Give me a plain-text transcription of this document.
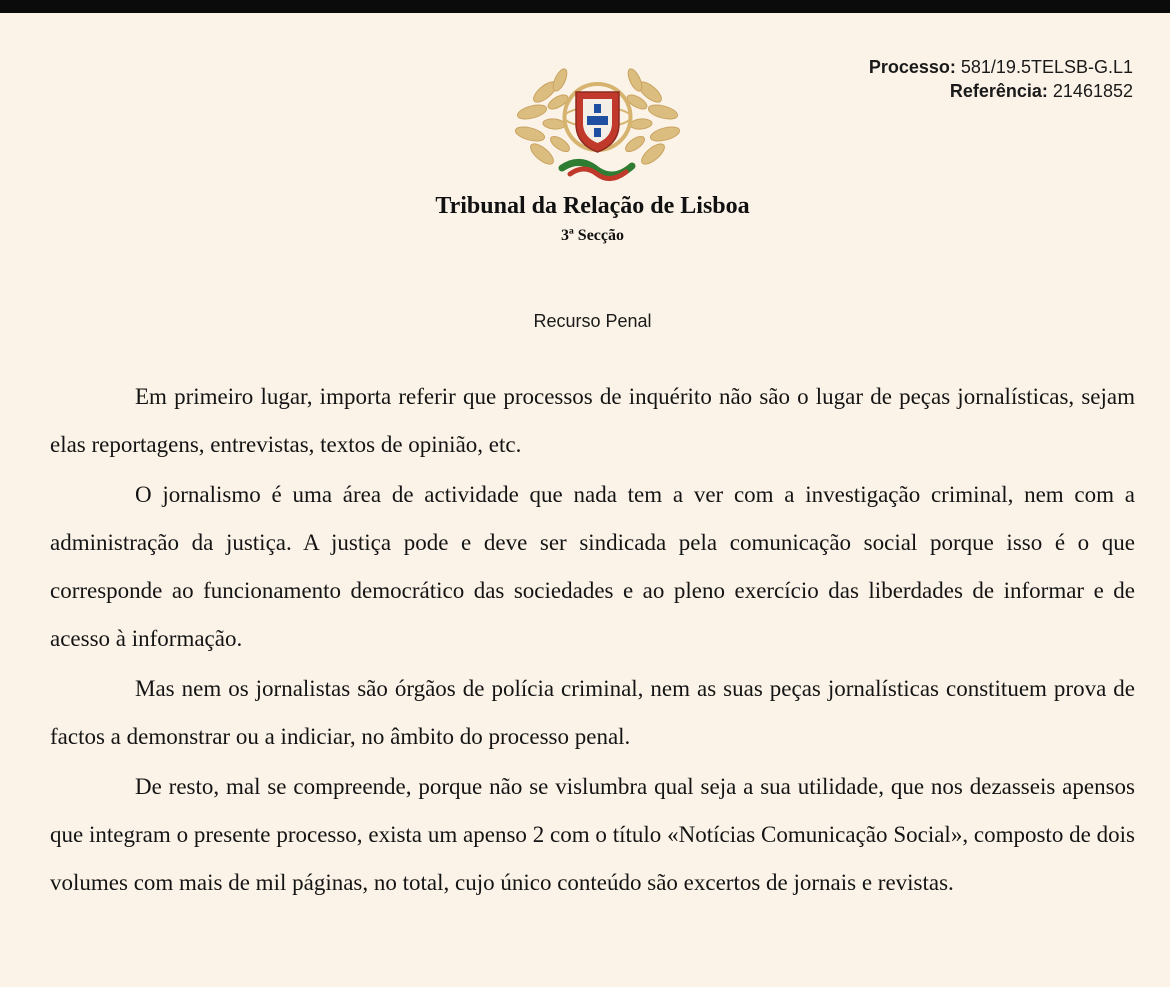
Processo: 581/19.5TELSB-G.L1
Referência: 21461852
Tribunal da Relação de Lisboa
3ª Secção
Recurso Penal

Em primeiro lugar, importa referir que processos de inquérito não são o lugar de peças jornalísticas, sejam elas reportagens, entrevistas, textos de opinião, etc.

O jornalismo é uma área de actividade que nada tem a ver com a investigação criminal, nem com a administração da justiça. A justiça pode e deve ser sindicada pela comunicação social porque isso é o que corresponde ao funcionamento democrático das sociedades e ao pleno exercício das liberdades de informar e de acesso à informação.

Mas nem os jornalistas são órgãos de polícia criminal, nem as suas peças jornalísticas constituem prova de factos a demonstrar ou a indiciar, no âmbito do processo penal.

De resto, mal se compreende, porque não se vislumbra qual seja a sua utilidade, que nos dezasseis apensos que integram o presente processo, exista um apenso 2 com o título «Notícias Comunicação Social», composto de dois volumes com mais de mil páginas, no total, cujo único conteúdo são excertos de jornais e revistas.
